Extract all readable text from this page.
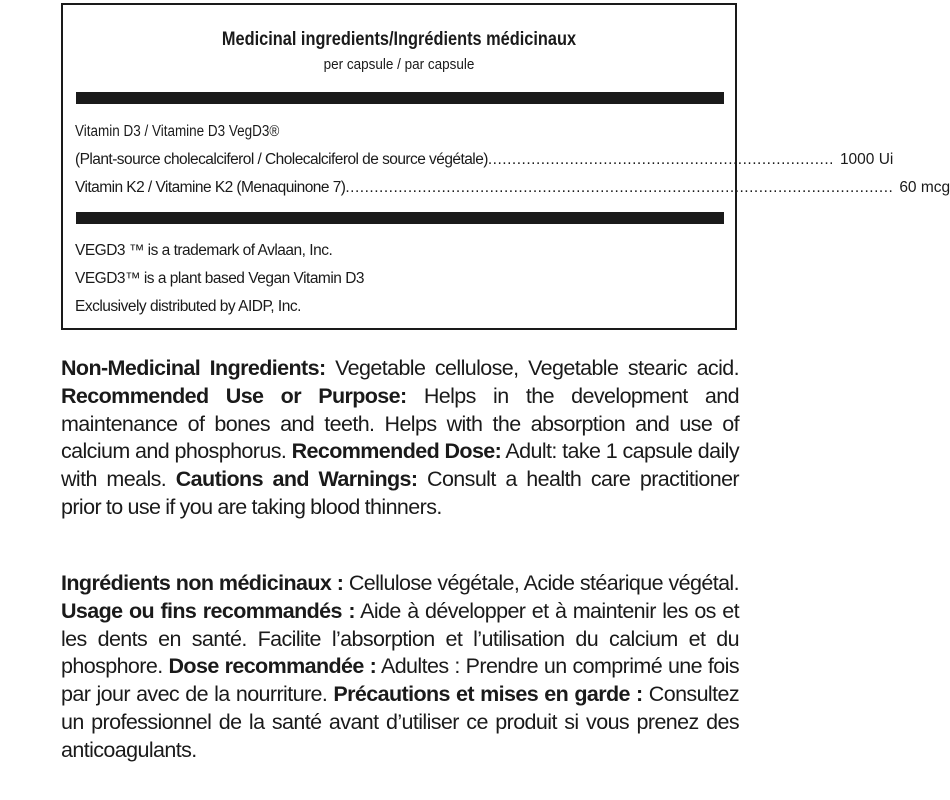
Medicinal ingredients/Ingrédients médicinaux
per capsule / par capsule
Vitamin D3 / Vitamine D3 VegD3®
(Plant-source cholecalciferol / Cholecalciferol de source végétale) ........................................................................ 1000 Ui
Vitamin K2 / Vitamine K2 (Menaquinone 7) .................................................................................................................. 60 mcg
VEGD3 ™ is a trademark of Avlaan, Inc.
VEGD3™ is a plant based Vegan Vitamin D3
Exclusively distributed by AIDP, Inc.
Non-Medicinal Ingredients: Vegetable cellulose, Vegetable stearic acid. Recommended Use or Purpose: Helps in the development and maintenance of bones and teeth. Helps with the absorption and use of calcium and phosphorus. Recommended Dose: Adult: take 1 capsule daily with meals. Cautions and Warnings: Consult a health care practitioner prior to use if you are taking blood thinners.
Ingrédients non médicinaux : Cellulose végétale, Acide stéarique végétal. Usage ou fins recommandés : Aide à développer et à maintenir les os et les dents en santé. Facilite l’absorption et l’utilisation du calcium et du phosphore. Dose recommandée : Adultes : Prendre un comprimé une fois par jour avec de la nourriture. Précautions et mises en garde : Consultez un professionnel de la santé avant d’utiliser ce produit si vous prenez des anticoagulants.
